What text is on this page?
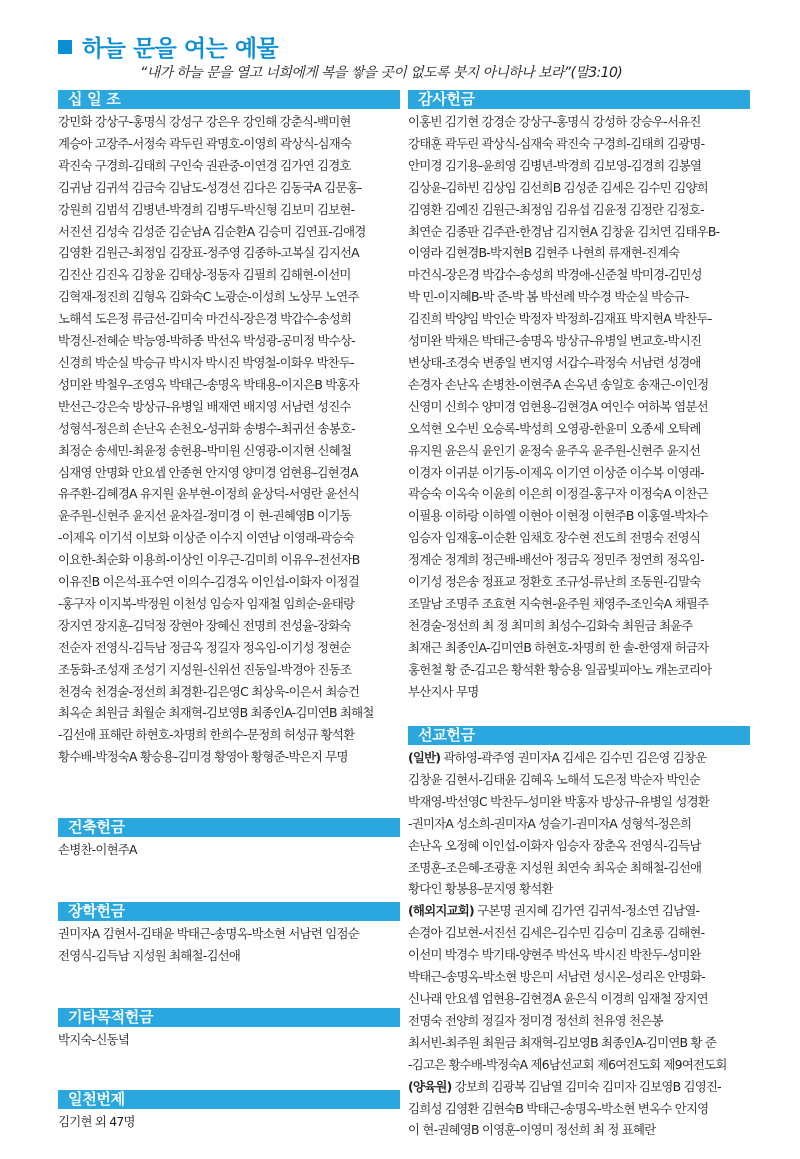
하늘 문을 여는 예물
“내가 하늘 문을 열고 너희에게 복을 쌓을 곳이 없도록 붓지 아니하나 보라”(말3:10)
십 일 조
강민화 강상구-홍명식 강성구 강은우 강인해 강춘식-백미현
계승아 고장주-서정숙 곽두린 곽명호-이영희 곽상식-심재숙
곽진숙 구경희-김태희 구인숙 권관중-이연경 김가연 김경호
김귀남 김귀석 김금숙 김남도-성경선 김다은 김동국A 김문홍-
강원희 김범석 김병년-박경희 김병두-박신형 김보미 김보현-
서진선 김성숙 김성준 김순남A 김순환A 김승미 김연표-김애경
김영환 김원근-최정임 김장표-정주영 김종하-고복실 김지선A
김진산 김진옥 김창윤 김태상-정동자 김필희 김해현-이선미
김혁재-정진희 김형옥 김화숙C 노광순-이성희 노상무 노연주
노해석 도은정 류금선-김미숙 마건식-장은경 박갑수-송성희
박경신-전혜순 박능영-박하종 박선옥 박성광-공미정 박수상-
신경희 박순실 박승규 박시자 박시진 박영철-이화우 박찬두-
성미완 박철우-조영옥 박태근-송명옥 박태용-이지은B 박홍자
반선근-강은숙 방상규-유병일 배재연 배지영 서남련 성진수
성형석-정은희 손난옥 손천오-성귀화 송병수-최귀선 송봉호-
최정순 송세민-최윤정 송헌용-박미원 신영광-이지현 신혜철
심재영 안명화 안요셉 안종현 안지영 양미경 엄현용-김현경A
유주환-김혜경A 유지원 윤부현-이정희 윤상덕-서영란 윤선식
윤주원-신현주 윤지선 윤차걸-정미경 이 현-권혜영B 이기동
-이제옥 이기석 이보화 이상준 이수지 이연남 이영래-곽승숙
이요한-최순화 이용희-이상인 이우근-김미희 이유우-전선자B
이유진B 이은석-표수연 이의수-김경옥 이인섭-이화자 이정걸
-홍구자 이지복-박정원 이천성 임승자 임재철 임희순-윤태랑
장지연 장지훈-김덕정 장현아 장혜신 전명희 전성율-장화숙
전순자 전영식-김득남 정금옥 정길자 정옥임-이기성 정현순
조동화-조성재 조성기 지성원-신위선 진동일-박경아 진동조
천경숙 천경술-정선희 최경환-김은영C 최상욱-이은서 최승건
최옥순 최원금 최월순 최재혁-김보영B 최종인A-김미연B 최해철
-김선애 표해란 하현호-차명희 한희수-문정희 허성규 황석환
황수배-박정숙A 황승용-김미경 황영아 황형준-박은지 무명
건축헌금
손병찬-이현주A
장학헌금
권미자A 김현서-김태윤 박태근-송명옥-박소현 서남련 임점순
전영식-김득남 지성원 최해철-김선애
기타목적헌금
박지숙-신동녘
일천번제
김기현 외 47명
감사헌금
이홍빈 김기현 강경순 강상구-홍명식 강성하 강승우-서유진
강태훈 곽두린 곽상식-심재숙 곽진숙 구경희-김태희 김광명-
안미경 김기용-윤희영 김병년-박경희 김보영-김경희 김봉열
김상윤-김하빈 김상임 김선희B 김성준 김세은 김수민 김양희
김영환 김예진 김원근-최정임 김유섭 김윤정 김정란 김정호-
최연순 김종판 김주관-한경남 김지현A 김창윤 김치연 김태우B-
이영라 김현경B-박지현B 김현주 나현희 류재현-진계숙
마건식-장은경 박갑수-송성희 박경애-신준철 박미경-김민성
박 민-이지혜B-박 준-박 봄 박선례 박수경 박순실 박승규-
김진희 박양임 박인순 박정자 박정희-김재표 박지현A 박찬두-
성미완 박채은 박태근-송명옥 방상규-유병일 변교호-박시진
변상태-조경숙 변종일 변지영 서갑수-곽정숙 서남련 성경애
손경자 손난옥 손병찬-이현주A 손옥년 송일호 송재근-이인정
신영미 신희수 양미경 엄현용-김현경A 여인수 여하복 염분선
오석현 오수빈 오승록-박성희 오영광-한윤미 오종세 오탁례
유지원 윤은식 윤인기 윤정숙 윤주옥 윤주원-신현주 윤지선
이경자 이귀분 이기동-이제옥 이기연 이상준 이수복 이영래-
곽승숙 이옥숙 이윤희 이은희 이정걸-홍구자 이정숙A 이찬근
이필용 이하랑 이하엘 이현아 이현정 이현주B 이홍열-박차수
임승자 임재홍-이순환 임채호 장수현 전도희 전명숙 전영식
정계순 정계희 정근배-배선아 정금옥 정민주 정연희 정옥임-
이기성 정은송 정표교 정환호 조규성-류난희 조동원-김말숙
조말남 조명주 조효현 지숙현-윤주원 채영주-조인숙A 채필주
천경술-정선희 최 정 최미희 최성수-김화숙 최원금 최윤주
최재근 최종인A-김미연B 하현호-차명희 한 솔-한영재 허금자
홍헌철 황 준-김고은 황석환 황승용 일곱빛피아노 캐논코리아
부산지사 무명
선교헌금
(일반) 곽하영-곽주영 권미자A 김세은 김수민 김은영 김창운
김창윤 김현서-김태윤 김혜옥 노해석 도은정 박순자 박인순
박재영-박선영C 박찬두-성미완 박홍자 방상규-유병일 성경환
-권미자A 성소희-권미자A 성슬기-권미자A 성형석-정은희
손난옥 오정혜 이인섭-이화자 임승자 장춘옥 전영식-김득남
조명훈-조은혜-조광훈 지성원 최연숙 최옥순 최해철-김선애
황다인 황봉용-문지영 황석환
(해외지교회) 구본명 권지혜 김가연 김귀석-정소연 김남열-
손경아 김보현-서진선 김세은-김수민 김승미 김초롱 김해현-
이선미 박경수 박기태-양현주 박선옥 박시진 박찬두-성미완
박태근-송명옥-박소현 방은미 서남련 성시온-성리온 안명화-
신나래 안요셉 엄현용-김현경A 윤은식 이경희 임재철 장지연
전명숙 전양희 정길자 정미경 정선희 천유영 천은봉
최서빈-최주원 최원금 최재혁-김보영B 최종인A-김미연B 황 준
-김고은 황수배-박정숙A 제6남선교회 제6여전도회 제9여전도회
(양육원) 강보희 김광복 김남열 김미숙 김미자 김보영B 김영진-
김희성 김영환 김현숙B 박태근-송명옥-박소현 변옥수 안지영
이 현-권혜영B 이영훈-이영미 정선희 최 정 표혜란
